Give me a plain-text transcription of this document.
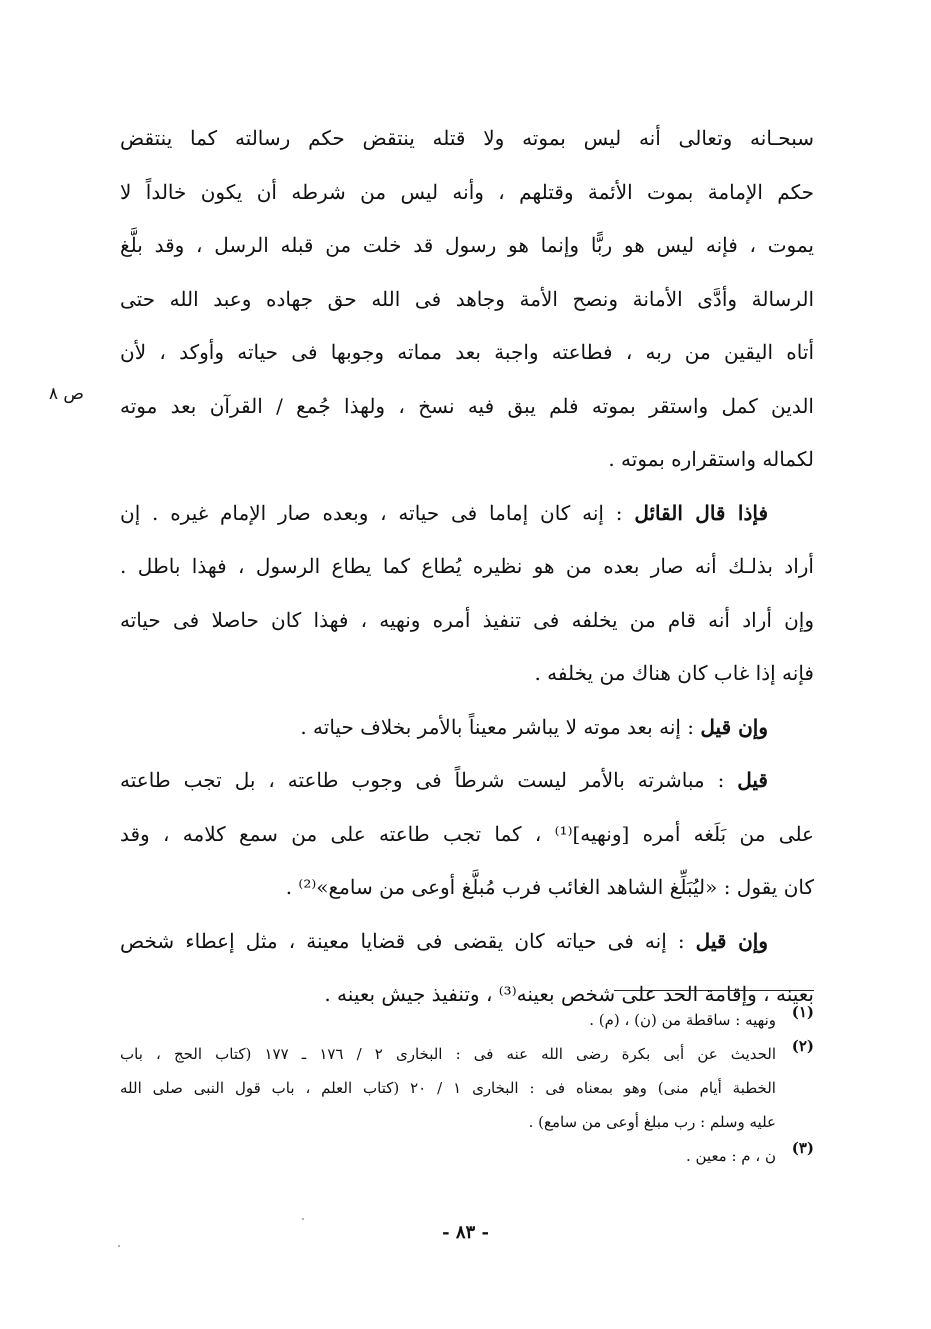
ص ٨
سبحـانه وتعالى أنه ليس بموته ولا قتله ينتقض حكم رسالته كما ينتقض
حكم الإمامة بموت الأئمة وقتلهم ، وأنه ليس من شرطه أن يكون خالداً لا
يموت ، فإنه ليس هو ربًّا وإنما هو رسول قد خلت من قبله الرسل ، وقد بلَّغ
الرسالة وأدَّى الأمانة ونصح الأمة وجاهد فى الله حق جهاده وعبد الله حتى
أتاه اليقين من ربه ، فطاعته واجبة بعد مماته وجوبها فى حياته وأوكد ، لأن
الدين كمل واستقر بموته فلم يبق فيه نسخ ، ولهذا جُمع / القرآن بعد موته
لكماله واستقراره بموته .
فإذا قال القائل : إنه كان إماما فى حياته ، وبعده صار الإمام غيره . إن
أراد بذلـك أنه صار بعده من هو نظيره يُطاع كما يطاع الرسول ، فهذا باطل .
وإن أراد أنه قام من يخلفه فى تنفيذ أمره ونهيه ، فهذا كان حاصلا فى حياته
فإنه إذا غاب كان هناك من يخلفه .
وإن قيل : إنه بعد موته لا يباشر معيناً بالأمر بخلاف حياته .
قيل : مباشرته بالأمر ليست شرطاً فى وجوب طاعته ، بل تجب طاعته
على من بَلَغه أمره [ونهيه]⁽¹⁾ ، كما تجب طاعته على من سمع كلامه ، وقد
كان يقول : «ليُبَلِّغ الشاهد الغائب فرب مُبلَّغ أوعى من سامع»⁽²⁾ .
وإن قيل : إنه فى حياته كان يقضى فى قضايا معينة ، مثل إعطاء شخص
بعينه ، وإقامة الحد على شخص بعينه⁽³⁾ ، وتنفيذ جيش بعينه .
(١)
ونهيه : ساقطة من (ن) ، (م) .
(٢)
الحديث عن أبى بكرة رضى الله عنه فى : البخارى ٢ / ١٧٦ ـ ١٧٧ (كتاب الحج ، باب
الخطبة أيام منى) وهو بمعناه فى : البخارى ١ / ٢٠ (كتاب العلم ، باب قول النبى صلى الله
عليه وسلم : رب مبلغ أوعى من سامع) .
(٣)
ن ، م : معين .
- ٨٣ -
